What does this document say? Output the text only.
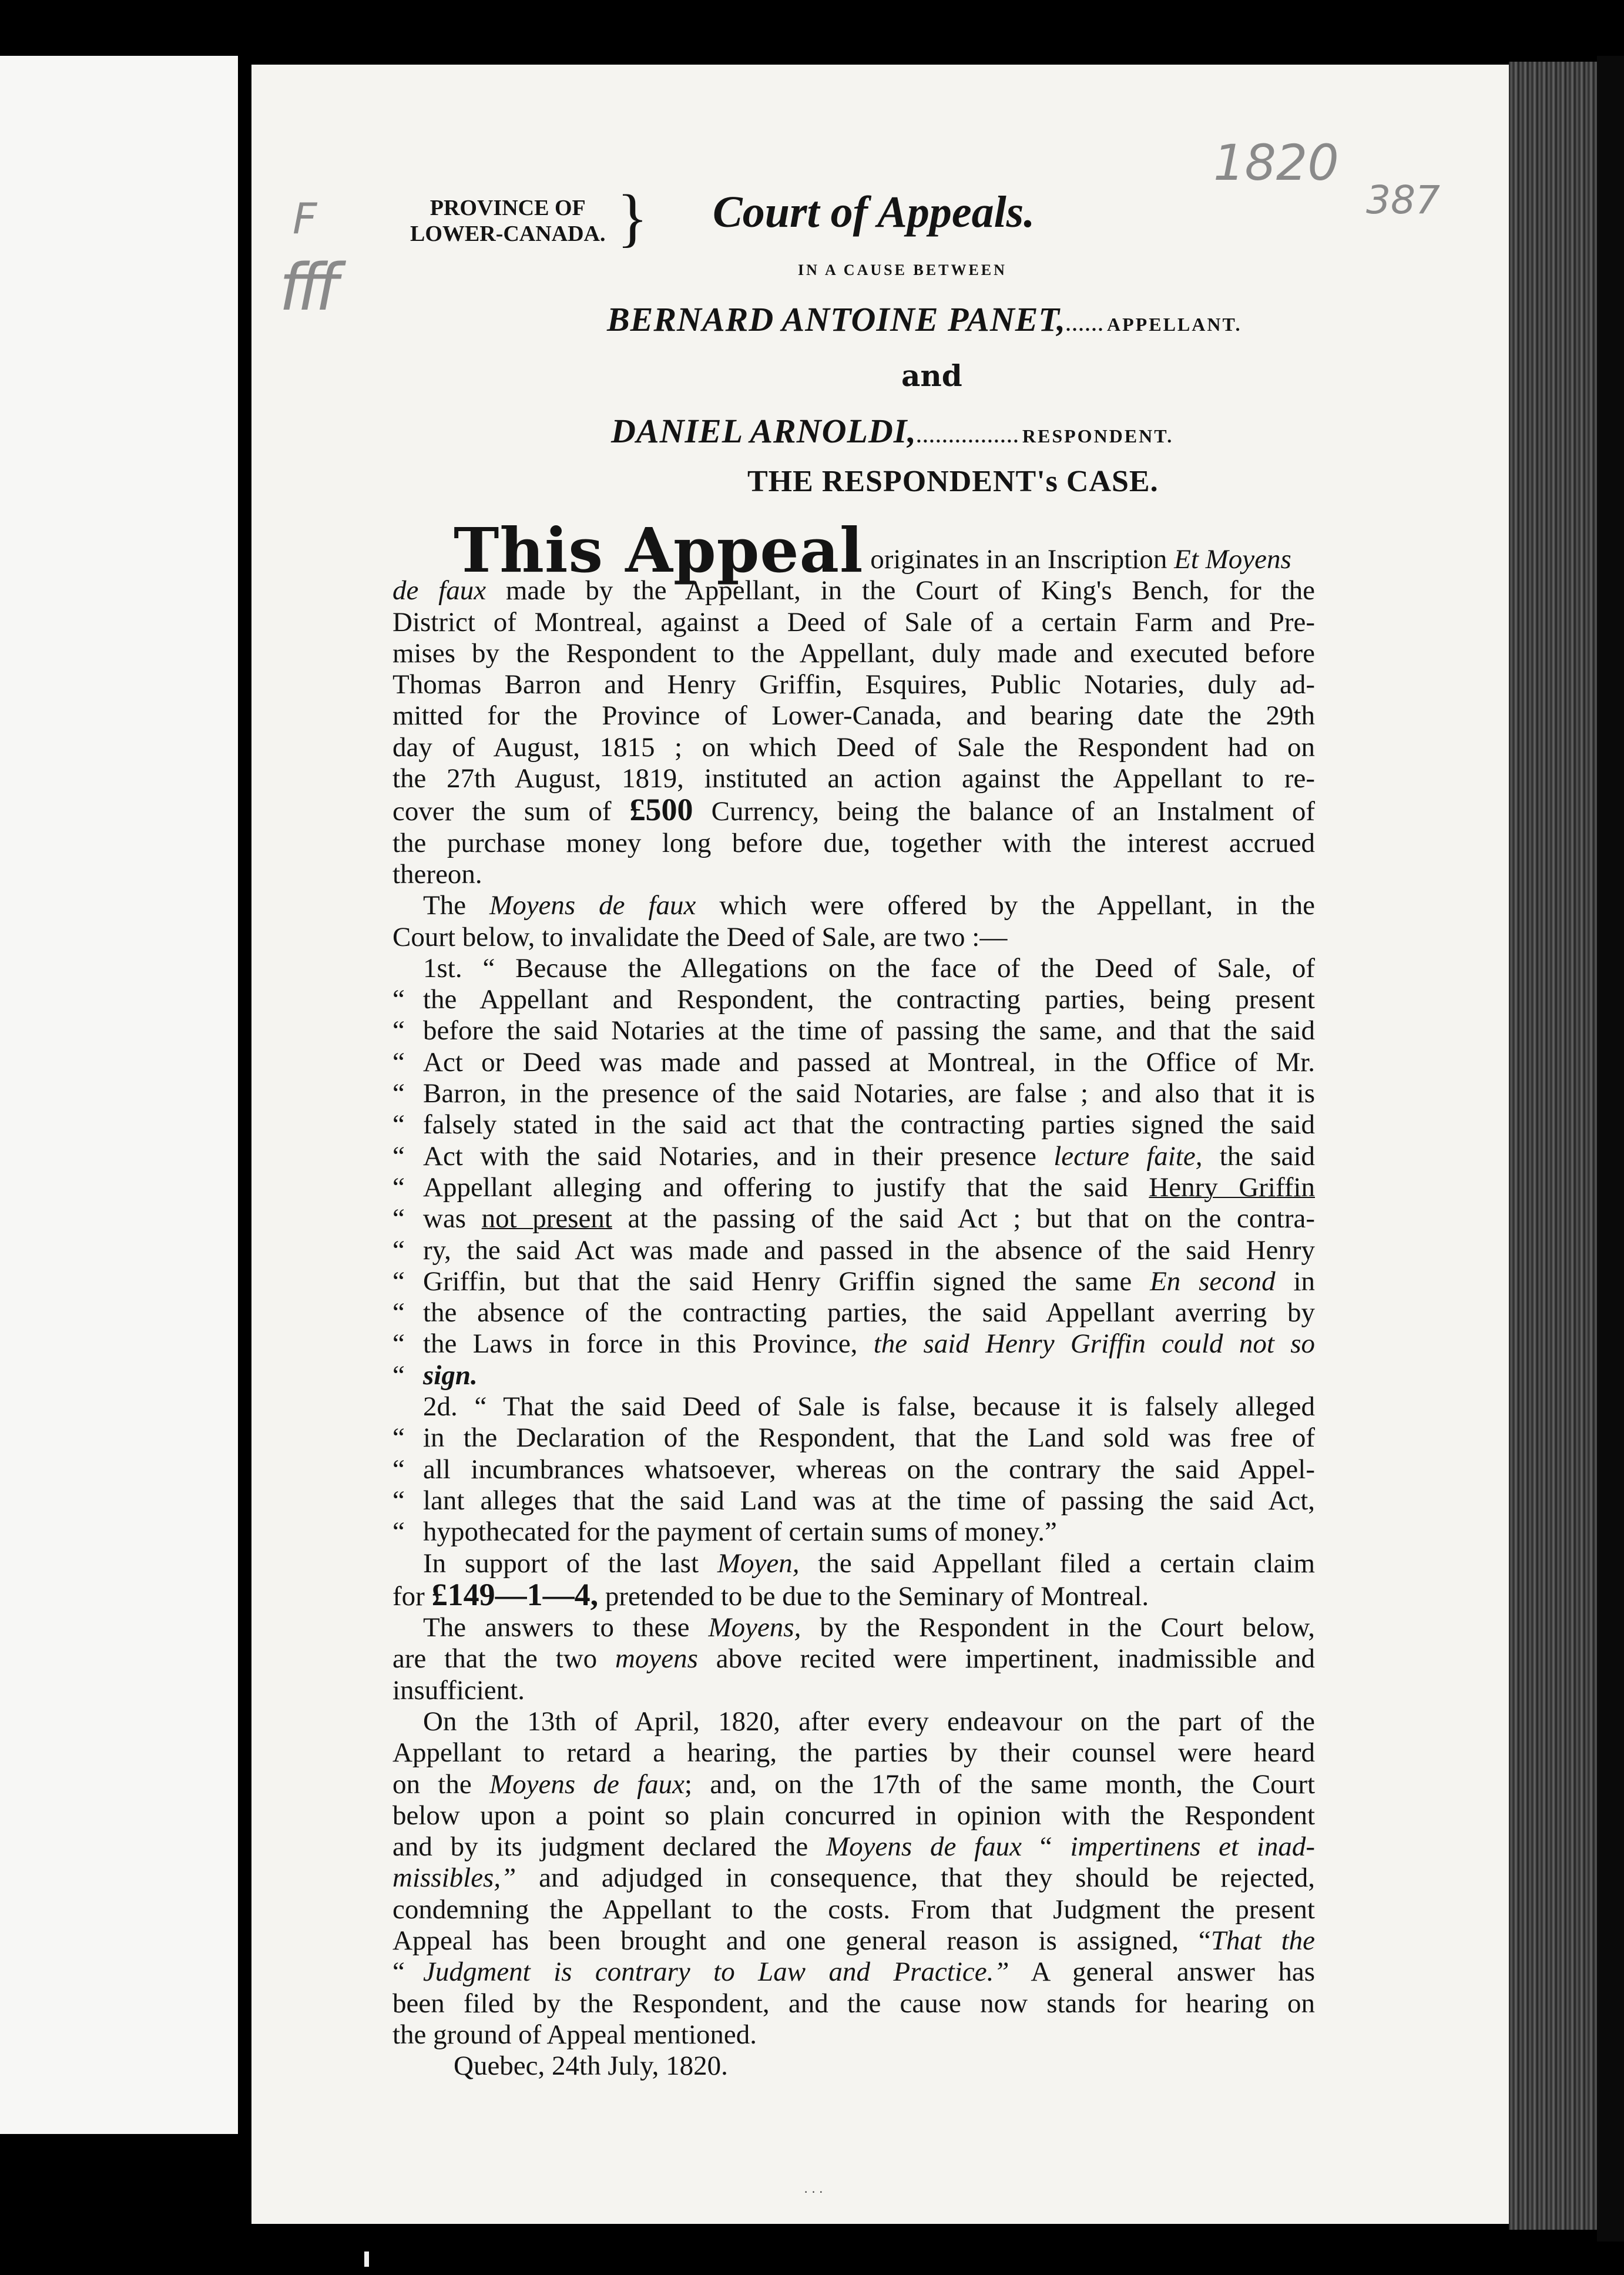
1820
387
F
fff
PROVINCE OF
LOWER-CANADA. } Court of Appeals.
IN A CAUSE BETWEEN
BERNARD ANTOINE PANET,...... APPELLANT.
and
DANIEL ARNOLDI,................ RESPONDENT.
THE RESPONDENT's CASE.
This Appeal originates in an Inscription Et Moyens
de faux made by the Appellant, in the Court of King's Bench, for the
District of Montreal, against a Deed of Sale of a certain Farm and Pre-
mises by the Respondent to the Appellant, duly made and executed before
Thomas Barron and Henry Griffin, Esquires, Public Notaries, duly ad-
mitted for the Province of Lower-Canada, and bearing date the 29th
day of August, 1815 ; on which Deed of Sale the Respondent had on
the 27th August, 1819, instituted an action against the Appellant to re-
cover the sum of £500 Currency, being the balance of an Instalment of
the purchase money long before due, together with the interest accrued
thereon.
The Moyens de faux which were offered by the Appellant, in the
Court below, to invalidate the Deed of Sale, are two :—
1st. “ Because the Allegations on the face of the Deed of Sale, of
“ the Appellant and Respondent, the contracting parties, being present
“ before the said Notaries at the time of passing the same, and that the said
“ Act or Deed was made and passed at Montreal, in the Office of Mr.
“ Barron, in the presence of the said Notaries, are false ; and also that it is
“ falsely stated in the said act that the contracting parties signed the said
“ Act with the said Notaries, and in their presence lecture faite, the said
“ Appellant alleging and offering to justify that the said Henry Griffin
“ was not present at the passing of the said Act ; but that on the contra-
“ ry, the said Act was made and passed in the absence of the said Henry
“ Griffin, but that the said Henry Griffin signed the same En second in
“ the absence of the contracting parties, the said Appellant averring by
“ the Laws in force in this Province, the said Henry Griffin could not so
“ sign.
2d. “ That the said Deed of Sale is false, because it is falsely alleged
“ in the Declaration of the Respondent, that the Land sold was free of
“ all incumbrances whatsoever, whereas on the contrary the said Appel-
“ lant alleges that the said Land was at the time of passing the said Act,
“ hypothecated for the payment of certain sums of money.”
In support of the last Moyen, the said Appellant filed a certain claim
for £149—1—4, pretended to be due to the Seminary of Montreal.
The answers to these Moyens, by the Respondent in the Court below,
are that the two moyens above recited were impertinent, inadmissible and
insufficient.
On the 13th of April, 1820, after every endeavour on the part of the
Appellant to retard a hearing, the parties by their counsel were heard
on the Moyens de faux; and, on the 17th of the same month, the Court
below upon a point so plain concurred in opinion with the Respondent
and by its judgment declared the Moyens de faux “ impertinens et inad-
missibles,” and adjudged in consequence, that they should be rejected,
condemning the Appellant to the costs. From that Judgment the present
Appeal has been brought and one general reason is assigned, “That the
“ Judgment is contrary to Law and Practice.” A general answer has
been filed by the Respondent, and the cause now stands for hearing on
the ground of Appeal mentioned.
Quebec, 24th July, 1820.
· · ·
